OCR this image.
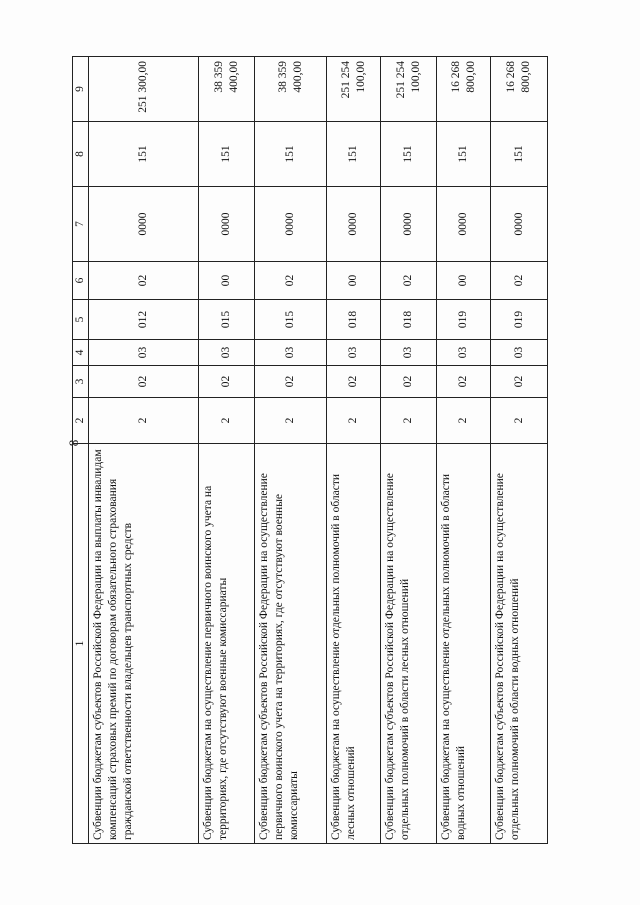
8
1	2	3	4	5	6	7	8	9
Субвенции бюджетам субъектов Российской Федерации на выплаты инвалидам компенсаций страховых премий по договорам обязательного страхования гражданской ответственности владельцев транспортных средств	2	02	03	012	02	0000	151	251 300,00
Субвенции бюджетам на осуществление первичного воинского учета на территориях, где отсутствуют военные комиссариаты	2	02	03	015	00	0000	151	38 359 400,00
Субвенции бюджетам субъектов Российской Федерации на осуществление первичного воинского учета на территориях, где отсутствуют военные комиссариаты	2	02	03	015	02	0000	151	38 359 400,00
Субвенции бюджетам на осуществление отдельных полномочий в области лесных отношений	2	02	03	018	00	0000	151	251 254 100,00
Субвенции бюджетам субъектов Российской Федерации на осуществление отдельных полномочий в области лесных отношений	2	02	03	018	02	0000	151	251 254 100,00
Субвенции бюджетам на осуществление отдельных полномочий в области водных отношений	2	02	03	019	00	0000	151	16 268 800,00
Субвенции бюджетам субъектов Российской Федерации на осуществление отдельных полномочий в области водных отношений	2	02	03	019	02	0000	151	16 268 800,00
